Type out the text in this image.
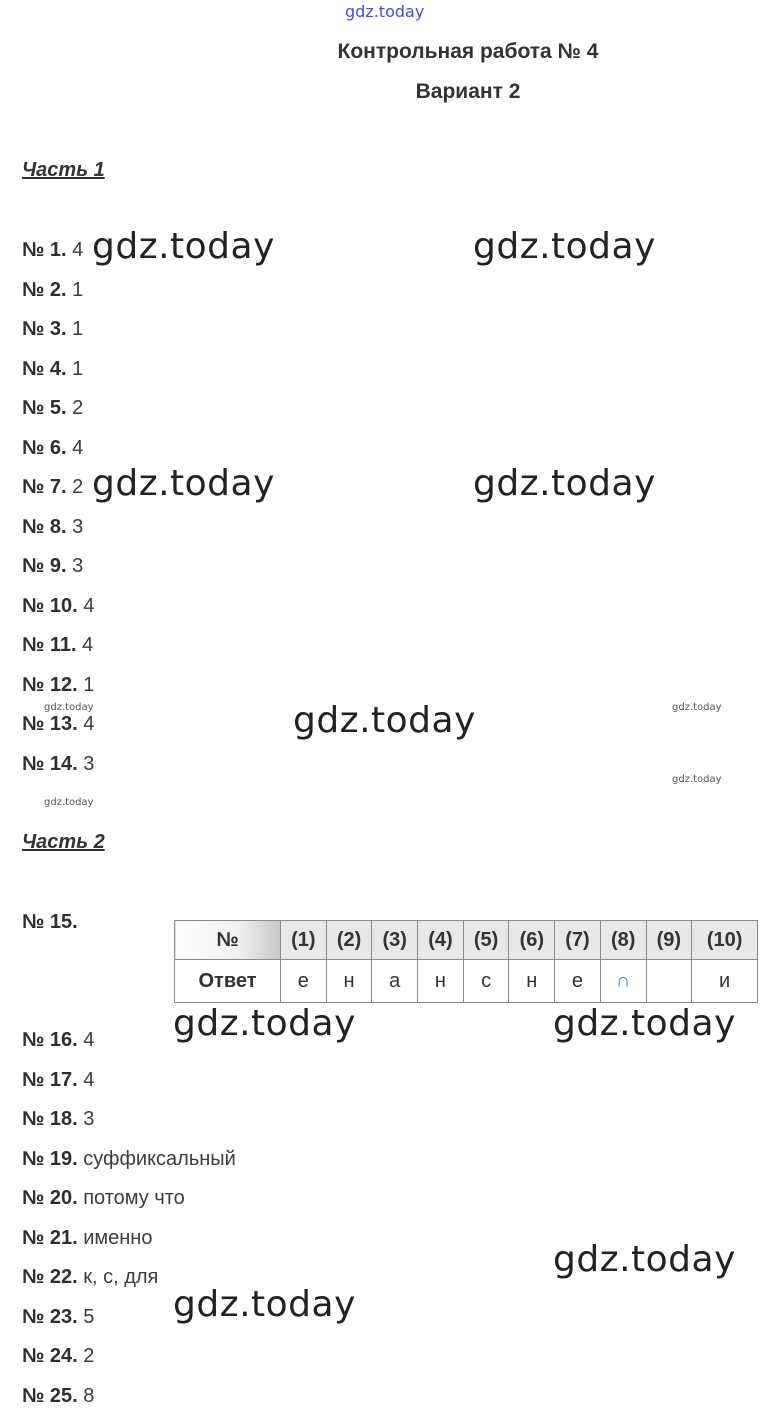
gdz.today
Контрольная работа № 4
Вариант 2
Часть 1
№ 1. 4
№ 2. 1
№ 3. 1
№ 4. 1
№ 5. 2
№ 6. 4
№ 7. 2
№ 8. 3
№ 9. 3
№ 10. 4
№ 11. 4
№ 12. 1
№ 13. 4
№ 14. 3
Часть 2
№ 15.
№	(1)	(2)	(3)	(4)	(5)	(6)	(7)	(8)	(9)	(10)
Ответ	е	н	а	н	с	н	е	∩		и
№ 16. 4
№ 17. 4
№ 18. 3
№ 19. суффиксальный
№ 20. потому что
№ 21. именно
№ 22. к, с, для
№ 23. 5
№ 24. 2
№ 25. 8
gdz.today	gdz.today
gdz.today	gdz.today
gdz.today
gdz.today	gdz.today
gdz.today
gdz.today
gdz.today	gdz.today
gdz.today
gdz.today
